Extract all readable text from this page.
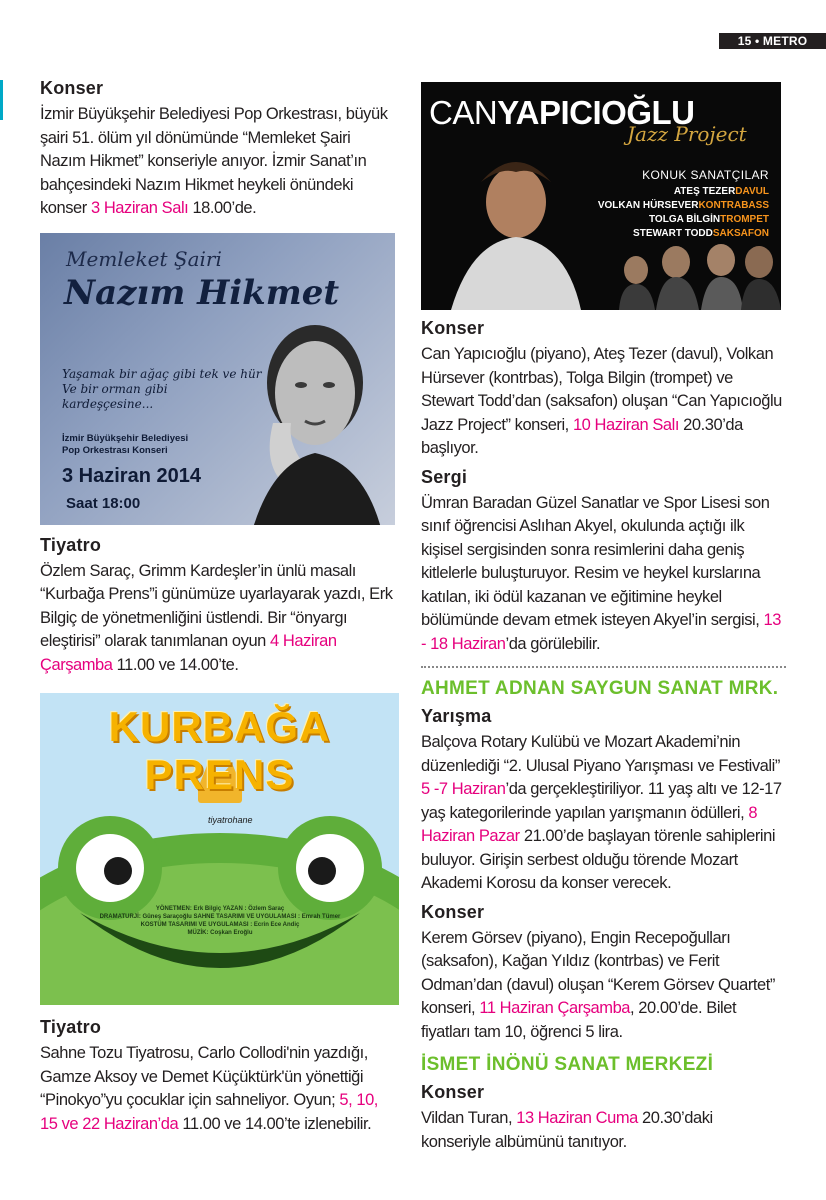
15 • METRO
Konser

İzmir Büyükşehir Belediyesi Pop Orkestrası, büyük şairi 51. ölüm yıl dönümünde “Memleket Şairi Nazım Hikmet” konseriyle anıyor. İzmir Sanat’ın bahçesindeki Nazım Hikmet heykeli önündeki konser 3 Haziran Salı 18.00’de.

Memleket Şairi
Nazım Hikmet
Yaşamak bir ağaç gibi tek ve hür
Ve bir orman gibi kardeşçesine...
İzmir Büyükşehir Belediyesi
Pop Orkestrası Konseri
3 Haziran 2014
Saat 18:00
Tiyatro

Özlem Saraç, Grimm Kardeşler’in ünlü masalı “Kurbağa Prens”i günümüze uyarlayarak yazdı, Erk Bilgiç de yönetmenliğini üstlendi. Bir “önyargı eleştirisi” olarak tanımlanan oyun 4 Haziran Çarşamba 11.00 ve 14.00’te.

KURBAĞA PRENS
tiyatrohane
YÖNETMEN: Erk Bilgiç YAZAN : Özlem Saraç
DRAMATURJİ: Güneş Saraçoğlu SAHNE TASARIMI VE UYGULAMASI : Emrah Tümer
KOSTÜM TASARIMI VE UYGULAMASI : Ecrin Ece Andiç
MÜZİK: Coşkan Eroğlu
Tiyatro

Sahne Tozu Tiyatrosu, Carlo Collodi'nin yazdığı, Gamze Aksoy ve Demet Küçüktürk'ün yönettiği “Pinokyo”yu çocuklar için sahneliyor. Oyun; 5, 10, 15 ve 22 Haziran’da 11.00 ve 14.00’te izlenebilir.

CANYAPICIOĞLU
Jazz Project
KONUK SANATÇILAR
ATEŞ TEZERDAVUL
VOLKAN HÜRSEVERKONTRABASS
TOLGA BİLGİNTROMPET
STEWART TODDSAKSAFON
Konser

Can Yapıcıoğlu (piyano), Ateş Tezer (davul), Volkan Hürsever (kontrbas), Tolga Bilgin (trompet) ve Stewart Todd’dan (saksafon) oluşan “Can Yapıcıoğlu Jazz Project” konseri, 10 Haziran Salı 20.30’da başlıyor.

Sergi

Ümran Baradan Güzel Sanatlar ve Spor Lisesi son sınıf öğrencisi Aslıhan Akyel, okulunda açtığı ilk kişisel sergisinden sonra resimlerini daha geniş kitlelerle buluşturuyor. Resim ve heykel kurslarına katılan, iki ödül kazanan ve eğitimine heykel bölümünde devam etmek isteyen Akyel’in sergisi, 13 - 18 Haziran’da görülebilir.

AHMET ADNAN SAYGUN SANAT MRK.
Yarışma

Balçova Rotary Kulübü ve Mozart Akademi’nin düzenlediği “2. Ulusal Piyano Yarışması ve Festivali” 5 -7 Haziran’da gerçekleştiriliyor. 11 yaş altı ve 12-17 yaş kategorilerinde yapılan yarışmanın ödülleri, 8 Haziran Pazar 21.00’de başlayan törenle sahiplerini buluyor. Girişin serbest olduğu törende Mozart Akademi Korosu da konser verecek.

Konser

Kerem Görsev (piyano), Engin Recepoğulları (saksafon), Kağan Yıldız (kontrbas) ve Ferit Odman’dan (davul) oluşan “Kerem Görsev Quartet” konseri, 11 Haziran Çarşamba, 20.00’de. Bilet fiyatları tam 10, öğrenci 5 lira.

İSMET İNÖNÜ SANAT MERKEZİ
Konser

Vildan Turan, 13 Haziran Cuma 20.30’daki konseriyle albümünü tanıtıyor.
